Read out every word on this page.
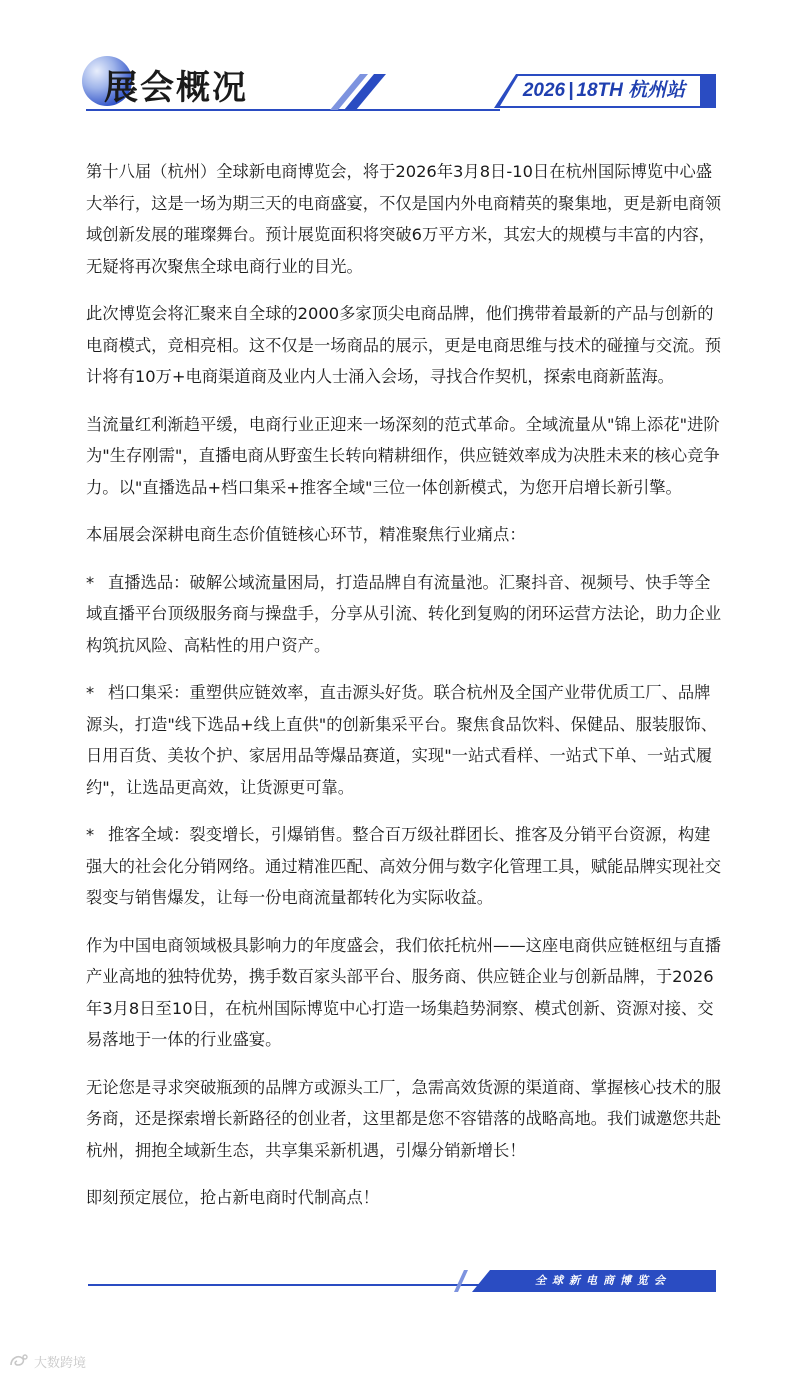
展会概况	2026 | 18TH 杭州站

第十八届（杭州）全球新电商博览会，将于2026年3月8日-10日在杭州国际博览中心盛大举行，这是一场为期三天的电商盛宴，不仅是国内外电商精英的聚集地，更是新电商领域创新发展的璀璨舞台。预计展览面积将突破6万平方米，其宏大的规模与丰富的内容，无疑将再次聚焦全球电商行业的目光。

此次博览会将汇聚来自全球的2000多家顶尖电商品牌，他们携带着最新的产品与创新的电商模式，竞相亮相。这不仅是一场商品的展示，更是电商思维与技术的碰撞与交流。预计将有10万+电商渠道商及业内人士涌入会场，寻找合作契机，探索电商新蓝海。

当流量红利渐趋平缓，电商行业正迎来一场深刻的范式革命。全域流量从"锦上添花"进阶为"生存刚需"，直播电商从野蛮生长转向精耕细作，供应链效率成为决胜未来的核心竞争力。以"直播选品+档口集采+推客全域"三位一体创新模式，为您开启增长新引擎。

本届展会深耕电商生态价值链核心环节，精准聚焦行业痛点：

* 直播选品：破解公域流量困局，打造品牌自有流量池。汇聚抖音、视频号、快手等全域直播平台顶级服务商与操盘手，分享从引流、转化到复购的闭环运营方法论，助力企业构筑抗风险、高粘性的用户资产。

* 档口集采：重塑供应链效率，直击源头好货。联合杭州及全国产业带优质工厂、品牌源头，打造"线下选品+线上直供"的创新集采平台。聚焦食品饮料、保健品、服装服饰、日用百货、美妆个护、家居用品等爆品赛道，实现"一站式看样、一站式下单、一站式履约"，让选品更高效，让货源更可靠。

* 推客全域：裂变增长，引爆销售。整合百万级社群团长、推客及分销平台资源，构建强大的社会化分销网络。通过精准匹配、高效分佣与数字化管理工具，赋能品牌实现社交裂变与销售爆发，让每一份电商流量都转化为实际收益。

作为中国电商领域极具影响力的年度盛会，我们依托杭州——这座电商供应链枢纽与直播产业高地的独特优势，携手数百家头部平台、服务商、供应链企业与创新品牌，于2026年3月8日至10日，在杭州国际博览中心打造一场集趋势洞察、模式创新、资源对接、交易落地于一体的行业盛宴。

无论您是寻求突破瓶颈的品牌方或源头工厂，急需高效货源的渠道商、掌握核心技术的服务商，还是探索增长新路径的创业者，这里都是您不容错落的战略高地。我们诚邀您共赴杭州，拥抱全域新生态，共享集采新机遇，引爆分销新增长！

即刻预定展位，抢占新电商时代制高点！

全球新电商博览会
大数跨境
